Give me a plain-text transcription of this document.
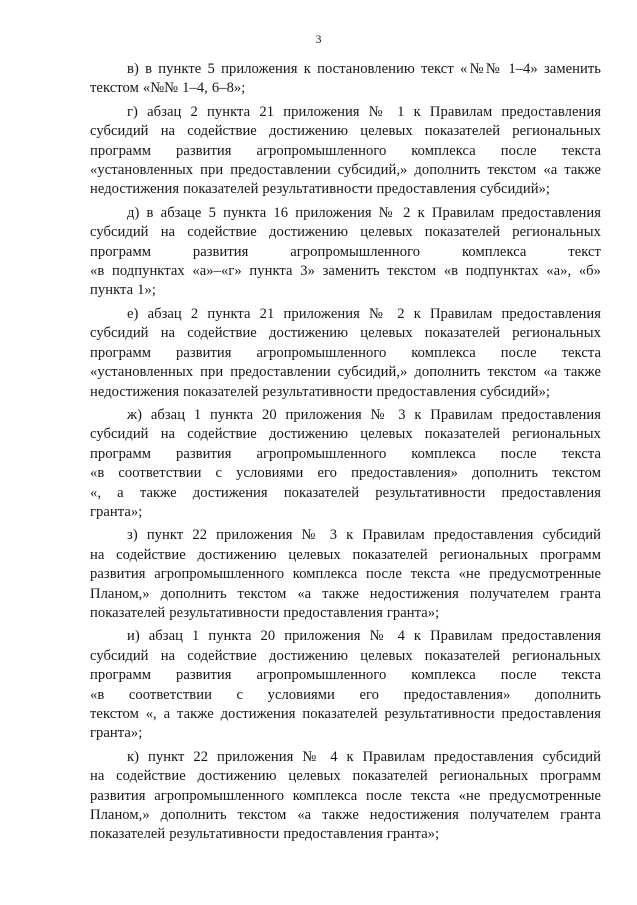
3
в) в пункте 5 приложения к постановлению текст «№№ 1–4» заменить
текстом «№№ 1–4, 6–8»;
г) абзац 2 пункта 21 приложения № 1 к Правилам предоставления
субсидий на содействие достижению целевых показателей региональных
программ развития агропромышленного комплекса после текста
«установленных при предоставлении субсидий,» дополнить текстом «а также
недостижения показателей результативности предоставления субсидий»;
д) в абзаце 5 пункта 16 приложения № 2 к Правилам предоставления
субсидий на содействие достижению целевых показателей региональных
программ развития агропромышленного комплекса текст
«в подпунктах «а»–«г» пункта 3» заменить текстом «в подпунктах «а», «б»
пункта 1»;
е) абзац 2 пункта 21 приложения № 2 к Правилам предоставления
субсидий на содействие достижению целевых показателей региональных
программ развития агропромышленного комплекса после текста
«установленных при предоставлении субсидий,» дополнить текстом «а также
недостижения показателей результативности предоставления субсидий»;
ж) абзац 1 пункта 20 приложения № 3 к Правилам предоставления
субсидий на содействие достижению целевых показателей региональных
программ развития агропромышленного комплекса после текста
«в соответствии с условиями его предоставления» дополнить текстом
«, а также достижения показателей результативности предоставления
гранта»;
з) пункт 22 приложения № 3 к Правилам предоставления субсидий
на содействие достижению целевых показателей региональных программ
развития агропромышленного комплекса после текста «не предусмотренные
Планом,» дополнить текстом «а также недостижения получателем гранта
показателей результативности предоставления гранта»;
и) абзац 1 пункта 20 приложения № 4 к Правилам предоставления
субсидий на содействие достижению целевых показателей региональных
программ развития агропромышленного комплекса после текста
«в соответствии с условиями его предоставления» дополнить
текстом «, а также достижения показателей результативности предоставления
гранта»;
к) пункт 22 приложения № 4 к Правилам предоставления субсидий
на содействие достижению целевых показателей региональных программ
развития агропромышленного комплекса после текста «не предусмотренные
Планом,» дополнить текстом «а также недостижения получателем гранта
показателей результативности предоставления гранта»;
